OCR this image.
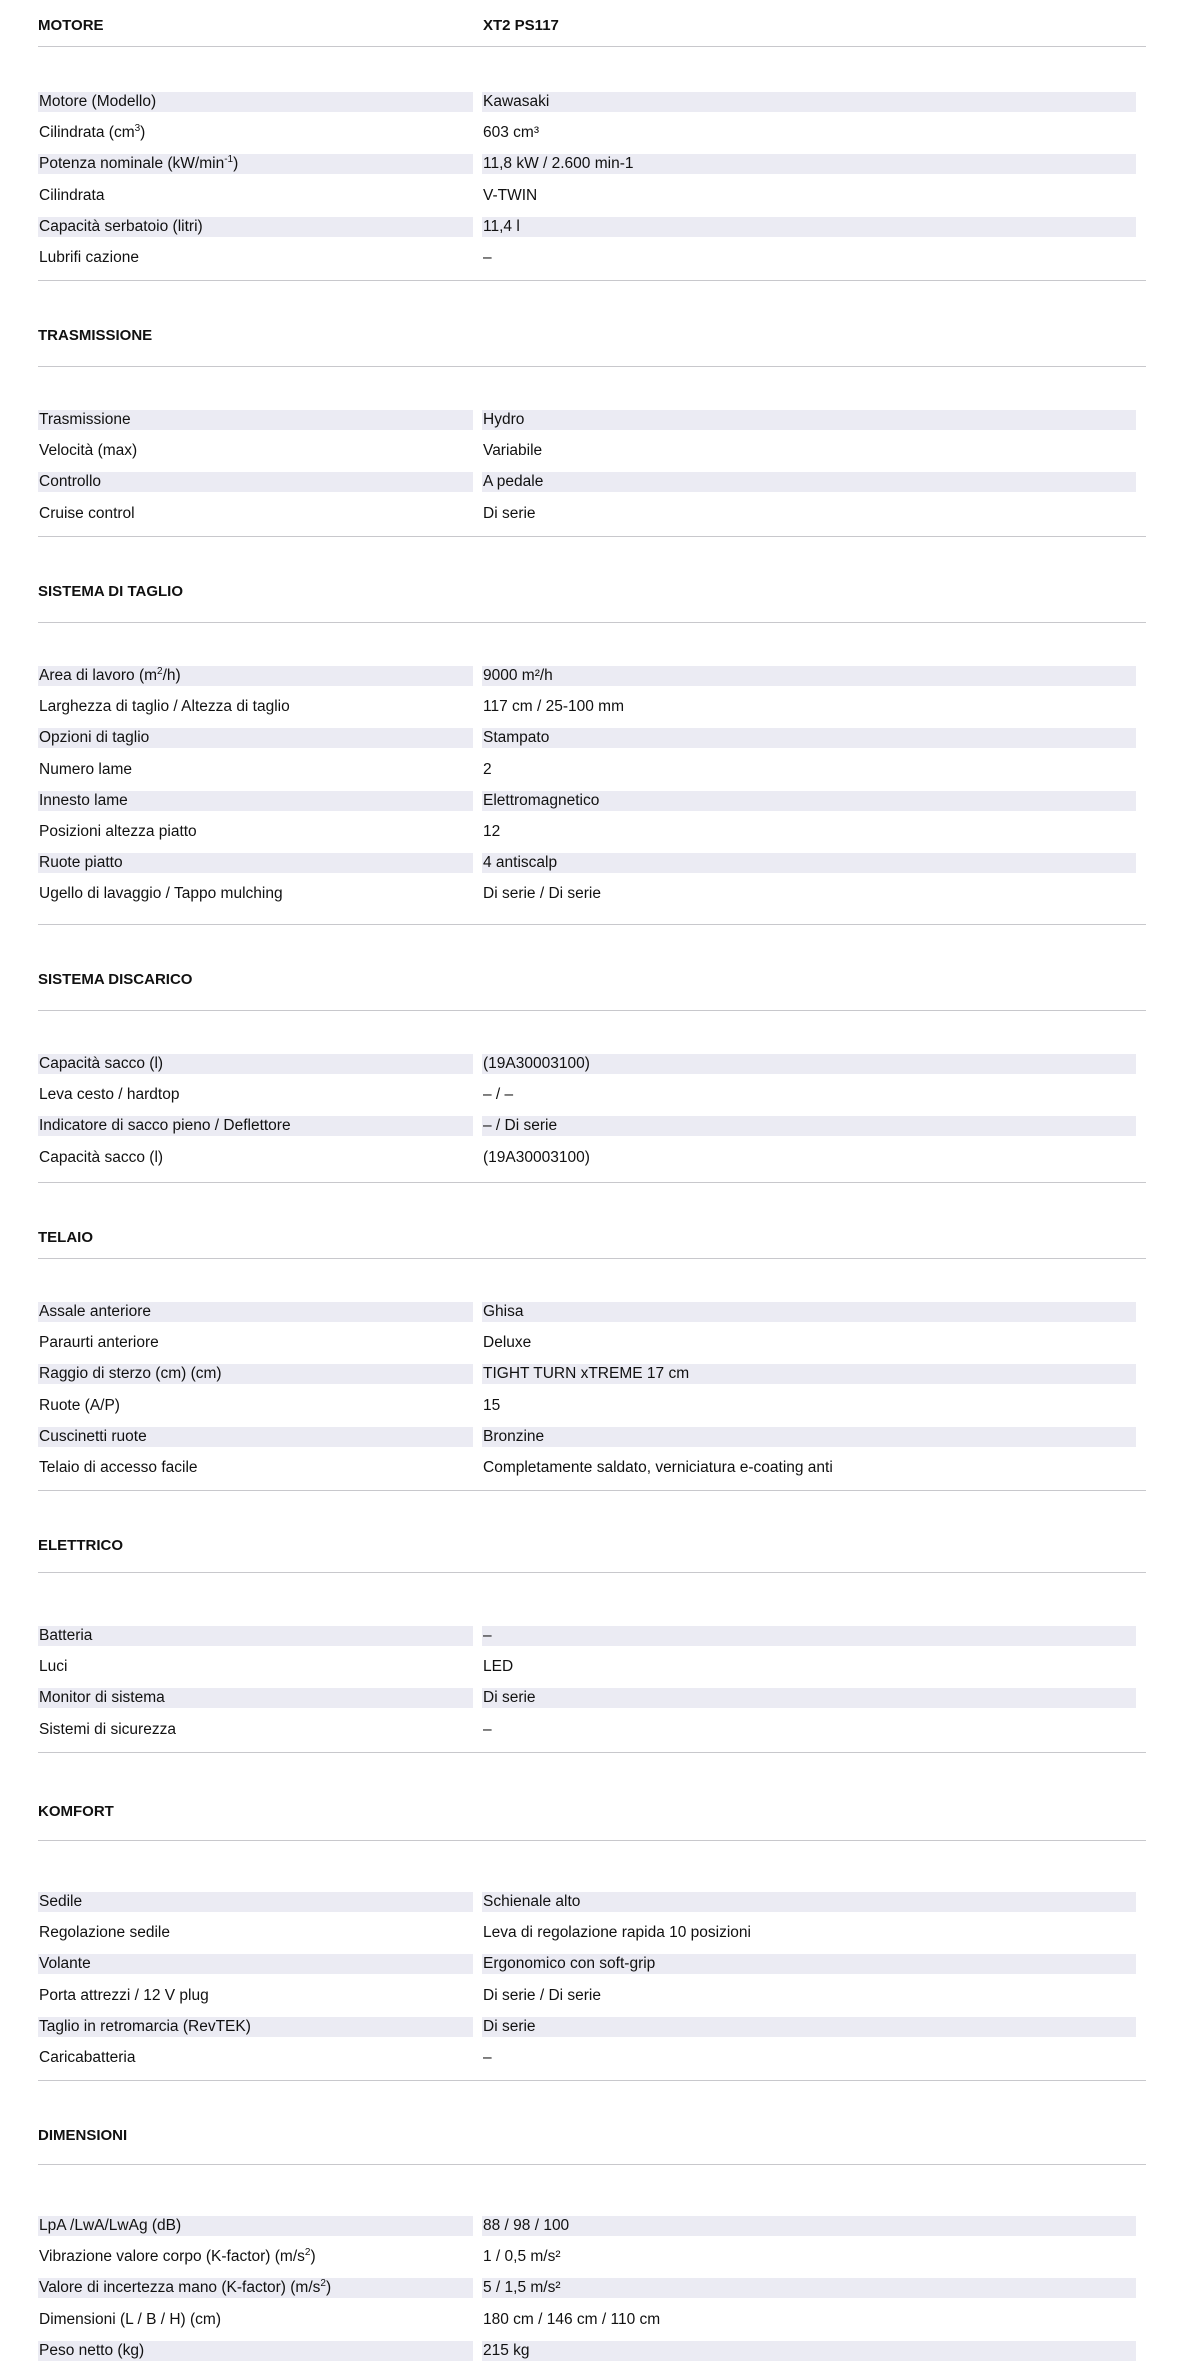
MOTORE	XT2 PS117
Motore (Modello)	Kawasaki
Cilindrata $(cm^3)$	603 cm³
Potenza nominale $(kW/\min^{-1})$	11,8 kW / 2.600 min-1
Cilindrata	V-TWIN
Capacità serbatoio (litri)	11,4 l
Lubrifi cazione	–
TRASMISSIONE
Trasmissione	Hydro
Velocità (max)	Variabile
Controllo	A pedale
Cruise control	Di serie
SISTEMA DI TAGLIO
Area di lavoro $(m^2/h)$	9000 m²/h
Larghezza di taglio / Altezza di taglio	117 cm / 25-100 mm
Opzioni di taglio	Stampato
Numero lame	2
Innesto lame	Elettromagnetico
Posizioni altezza piatto	12
Ruote piatto	4 antiscalp
Ugello di lavaggio / Tappo mulching	Di serie / Di serie
SISTEMA DISCARICO
Capacità sacco (l)	(19A30003100)
Leva cesto / hardtop	– / –
Indicatore di sacco pieno / Deflettore	– / Di serie
Capacità sacco (l)	(19A30003100)
TELAIO
Assale anteriore	Ghisa
Paraurti anteriore	Deluxe
Raggio di sterzo (cm) (cm)	TIGHT TURN xTREME 17 cm
Ruote (A/P)	15
Cuscinetti ruote	Bronzine
Telaio di accesso facile	Completamente saldato, verniciatura e-coating anti
ELETTRICO
Batteria	–
Luci	LED
Monitor di sistema	Di serie
Sistemi di sicurezza	–
KOMFORT
Sedile	Schienale alto
Regolazione sedile	Leva di regolazione rapida 10 posizioni
Volante	Ergonomico con soft-grip
Porta attrezzi / 12 V plug	Di serie / Di serie
Taglio in retromarcia (RevTEK)	Di serie
Caricabatteria	–
DIMENSIONI
LpA /LwA/LwAg (dB)	88 / 98 / 100
Vibrazione valore corpo (K-factor) $(m/s^2)$	1 / 0,5 m/s²
Valore di incertezza mano (K-factor) $(m/s^2)$	5 / 1,5 m/s²
Dimensioni (L / B / H) (cm)	180 cm / 146 cm / 110 cm
Peso netto (kg)	215 kg
